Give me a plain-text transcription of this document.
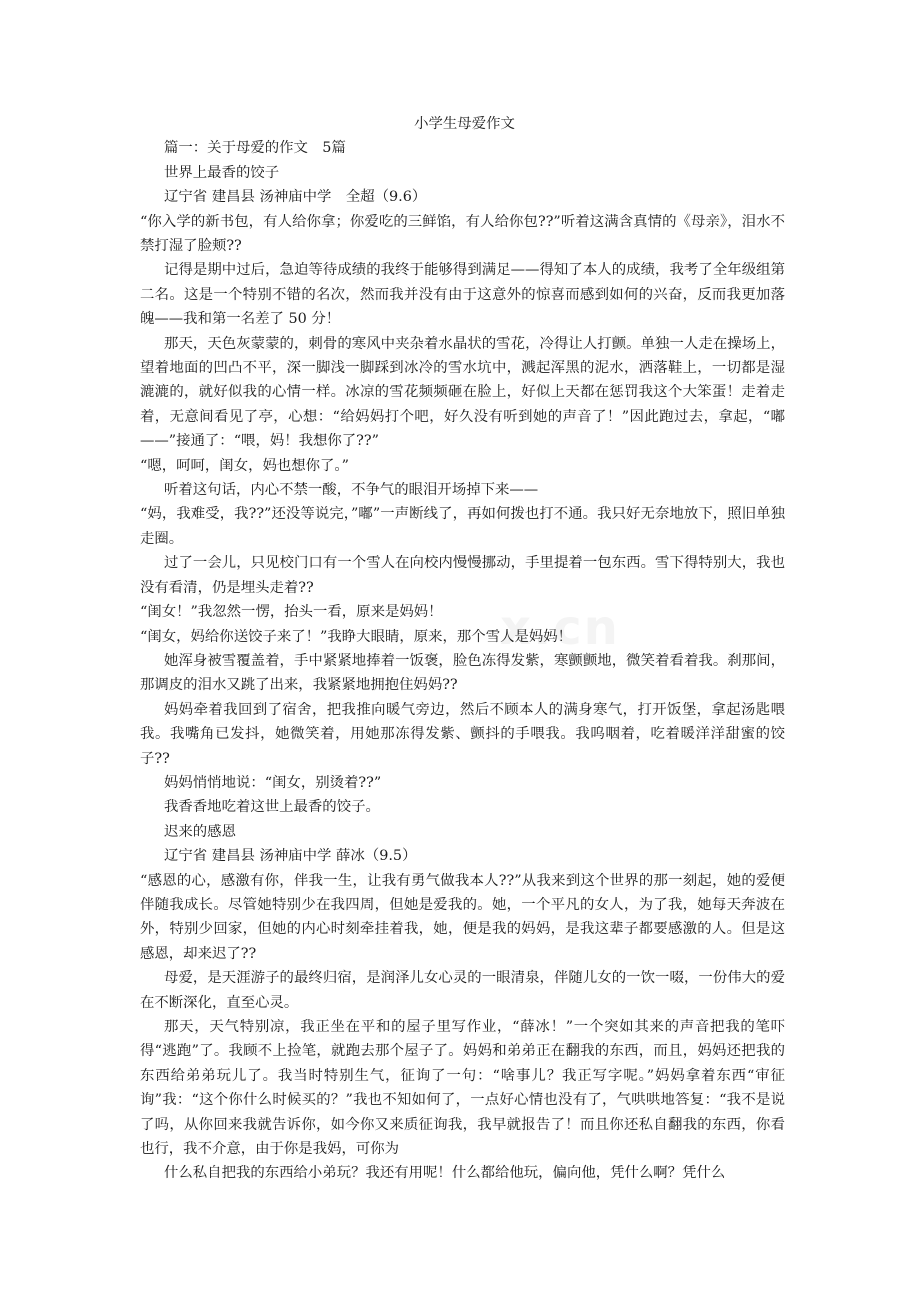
x.cn
小学生母爱作文

篇一：关于母爱的作文　5篇

世界上最香的饺子

辽宁省 建昌县 汤神庙中学　全超（9.6）

“你入学的新书包，有人给你拿；你爱吃的三鲜馅，有人给你包??”听着这满含真情的《母亲》，泪水不禁打湿了脸颊??

记得是期中过后，急迫等待成绩的我终于能够得到满足——得知了本人的成绩，我考了全年级组第二名。这是一个特别不错的名次，然而我并没有由于这意外的惊喜而感到如何的兴奋，反而我更加落魄——我和第一名差了 50 分！

那天，天色灰蒙蒙的，刺骨的寒风中夹杂着水晶状的雪花，冷得让人打颤。单独一人走在操场上，望着地面的凹凸不平，深一脚浅一脚踩到冰冷的雪水坑中，溅起浑黑的泥水，洒落鞋上，一切都是湿漉漉的，就好似我的心情一样。冰凉的雪花频频砸在脸上，好似上天都在惩罚我这个大笨蛋！走着走着，无意间看见了亭，心想：“给妈妈打个吧，好久没有听到她的声音了！”因此跑过去，拿起，“嘟——”接通了：“喂，妈！我想你了??”

“嗯，呵呵，闺女，妈也想你了。”

听着这句话，内心不禁一酸，不争气的眼泪开场掉下来——

“妈，我难受，我??”还没等说完，”嘟”一声断线了，再如何拨也打不通。我只好无奈地放下，照旧单独走圈。

过了一会儿，只见校门口有一个雪人在向校内慢慢挪动，手里提着一包东西。雪下得特别大，我也没有看清，仍是埋头走着??

“闺女！”我忽然一愣，抬头一看，原来是妈妈！

“闺女，妈给你送饺子来了！”我睁大眼睛，原来，那个雪人是妈妈！

她浑身被雪覆盖着，手中紧紧地捧着一饭褒，脸色冻得发紫，寒颤颤地，微笑着看着我。刹那间，那调皮的泪水又跳了出来，我紧紧地拥抱住妈妈??

妈妈牵着我回到了宿舍，把我推向暖气旁边，然后不顾本人的满身寒气，打开饭堡，拿起汤匙喂我。我嘴角已发抖，她微笑着，用她那冻得发紫、颤抖的手喂我。我呜咽着，吃着暖洋洋甜蜜的饺子??

妈妈悄悄地说：“闺女，别烫着??”

我香香地吃着这世上最香的饺子。

迟来的感恩

辽宁省 建昌县 汤神庙中学 薛冰（9.5）

“感恩的心，感激有你，伴我一生，让我有勇气做我本人??”从我来到这个世界的那一刻起，她的爱便伴随我成长。尽管她特别少在我四周，但她是爱我的。她，一个平凡的女人，为了我，她每天奔波在外，特别少回家，但她的内心时刻牵挂着我，她，便是我的妈妈，是我这辈子都要感激的人。但是这感恩，却来迟了??

母爱，是天涯游子的最终归宿，是润泽儿女心灵的一眼清泉，伴随儿女的一饮一啜，一份伟大的爱在不断深化，直至心灵。

那天，天气特别凉，我正坐在平和的屋子里写作业，“薛冰！”一个突如其来的声音把我的笔吓得“逃跑”了。我顾不上捡笔，就跑去那个屋子了。妈妈和弟弟正在翻我的东西，而且，妈妈还把我的东西给弟弟玩儿了。我当时特别生气，征询了一句：“啥事儿？我正写字呢。”妈妈拿着东西“审征询”我：“这个你什么时候买的？”我也不知如何了，一点好心情也没有了，气哄哄地答复：“我不是说了吗，从你回来我就告诉你，如今你又来质征询我，我早就报告了！而且你还私自翻我的东西，你看也行，我不介意，由于你是我妈，可你为

什么私自把我的东西给小弟玩？我还有用呢！什么都给他玩，偏向他，凭什么啊？凭什么
